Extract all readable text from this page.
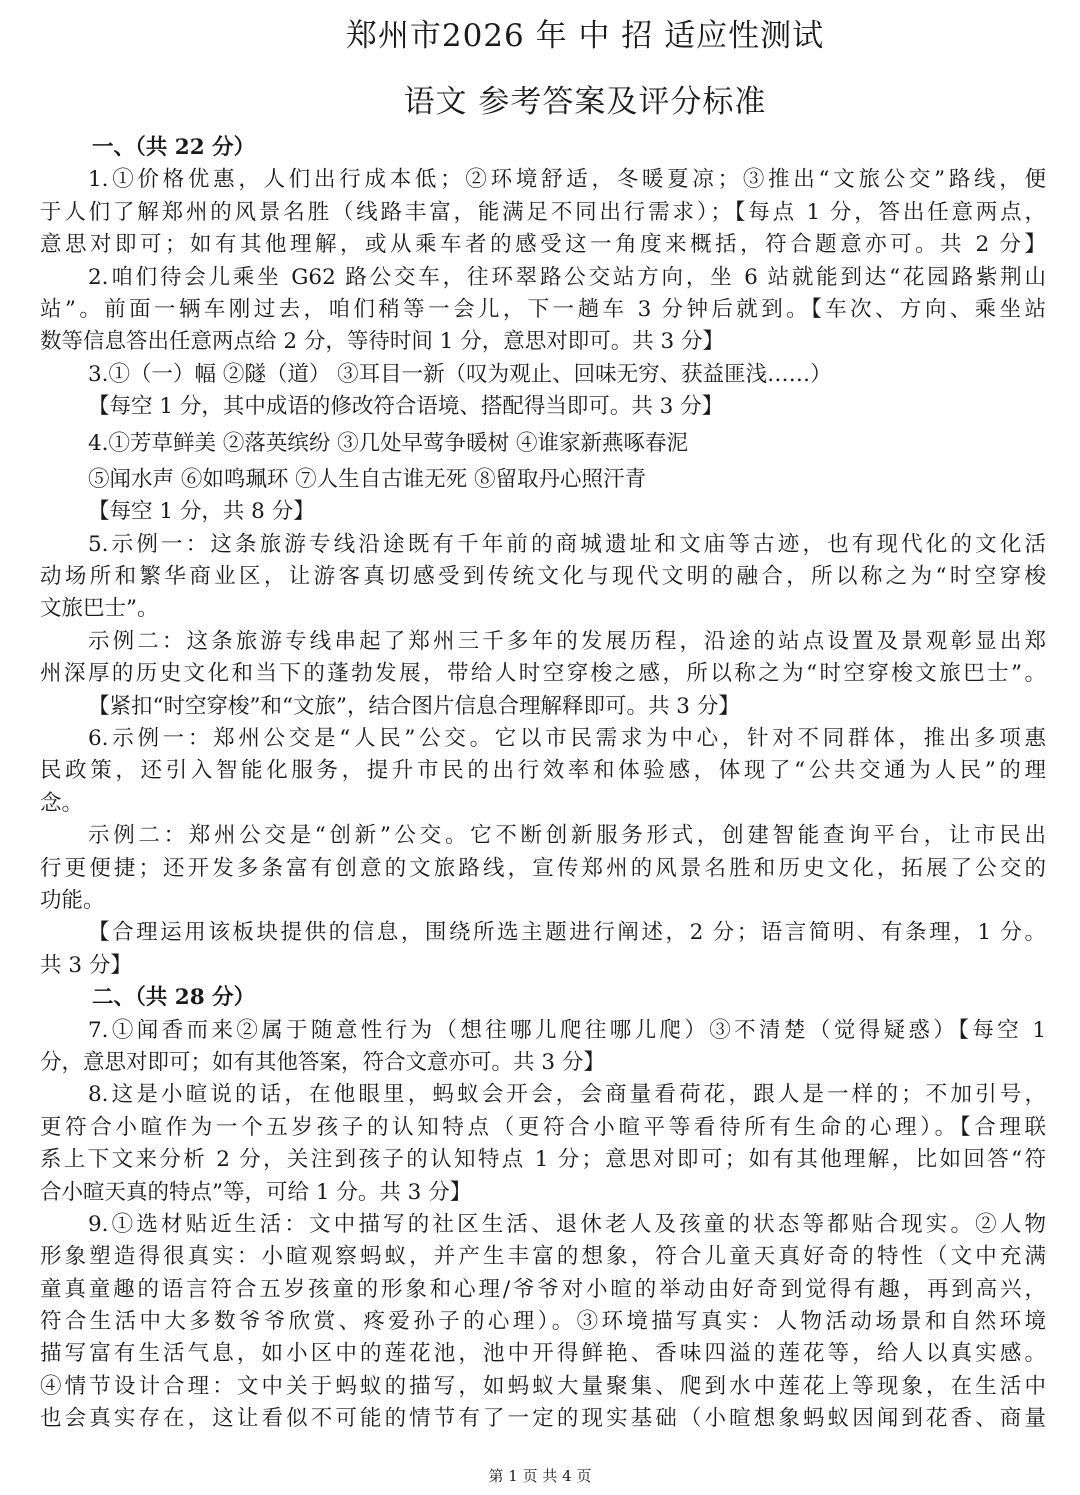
郑州市2026 年 中 招 适应性测试
语文 参考答案及评分标准
一、（共 22 分）
1.①价格优惠，人们出行成本低；②环境舒适，冬暖夏凉；③推出“文旅公交”路线，便
于人们了解郑州的风景名胜（线路丰富，能满足不同出行需求）；【每点 1 分，答出任意两点，
意思对即可；如有其他理解，或从乘车者的感受这一角度来概括，符合题意亦可。共 2 分】
2.咱们待会儿乘坐 G62 路公交车，往环翠路公交站方向，坐 6 站就能到达“花园路紫荆山
站”。前面一辆车刚过去，咱们稍等一会儿，下一趟车 3 分钟后就到。【车次、方向、乘坐站
数等信息答出任意两点给 2 分，等待时间 1 分，意思对即可。共 3 分】
3.①（一）幅 ②隧（道） ③耳目一新（叹为观止、回味无穷、获益匪浅……）
【每空 1 分，其中成语的修改符合语境、搭配得当即可。共 3 分】
4.①芳草鲜美 ②落英缤纷 ③几处早莺争暖树 ④谁家新燕啄春泥
⑤闻水声 ⑥如鸣珮环 ⑦人生自古谁无死 ⑧留取丹心照汗青
【每空 1 分，共 8 分】
5.示例一：这条旅游专线沿途既有千年前的商城遗址和文庙等古迹，也有现代化的文化活
动场所和繁华商业区，让游客真切感受到传统文化与现代文明的融合，所以称之为“时空穿梭
文旅巴士”。
示例二：这条旅游专线串起了郑州三千多年的发展历程，沿途的站点设置及景观彰显出郑
州深厚的历史文化和当下的蓬勃发展，带给人时空穿梭之感，所以称之为“时空穿梭文旅巴士”。
【紧扣“时空穿梭”和“文旅”，结合图片信息合理解释即可。共 3 分】
6.示例一：郑州公交是“人民”公交。它以市民需求为中心，针对不同群体，推出多项惠
民政策，还引入智能化服务，提升市民的出行效率和体验感，体现了“公共交通为人民”的理
念。
示例二：郑州公交是“创新”公交。它不断创新服务形式，创建智能查询平台，让市民出
行更便捷；还开发多条富有创意的文旅路线，宣传郑州的风景名胜和历史文化，拓展了公交的
功能。
【合理运用该板块提供的信息，围绕所选主题进行阐述，2 分；语言简明、有条理，1 分。
共 3 分】
二、（共 28 分）
7.①闻香而来②属于随意性行为（想往哪儿爬往哪儿爬）③不清楚（觉得疑惑）【每空 1
分，意思对即可；如有其他答案，符合文意亦可。共 3 分】
8.这是小暄说的话，在他眼里，蚂蚁会开会，会商量看荷花，跟人是一样的；不加引号，
更符合小暄作为一个五岁孩子的认知特点（更符合小暄平等看待所有生命的心理）。【合理联
系上下文来分析 2 分，关注到孩子的认知特点 1 分；意思对即可；如有其他理解，比如回答“符
合小暄天真的特点”等，可给 1 分。共 3 分】
9.①选材贴近生活：文中描写的社区生活、退休老人及孩童的状态等都贴合现实。②人物
形象塑造得很真实：小暄观察蚂蚁，并产生丰富的想象，符合儿童天真好奇的特性（文中充满
童真童趣的语言符合五岁孩童的形象和心理/爷爷对小暄的举动由好奇到觉得有趣，再到高兴，
符合生活中大多数爷爷欣赏、疼爱孙子的心理）。③环境描写真实：人物活动场景和自然环境
描写富有生活气息，如小区中的莲花池，池中开得鲜艳、香味四溢的莲花等，给人以真实感。
④情节设计合理：文中关于蚂蚁的描写，如蚂蚁大量聚集、爬到水中莲花上等现象，在生活中
也会真实存在，这让看似不可能的情节有了一定的现实基础（小暄想象蚂蚁因闻到花香、商量
第 1 页 共 4 页
